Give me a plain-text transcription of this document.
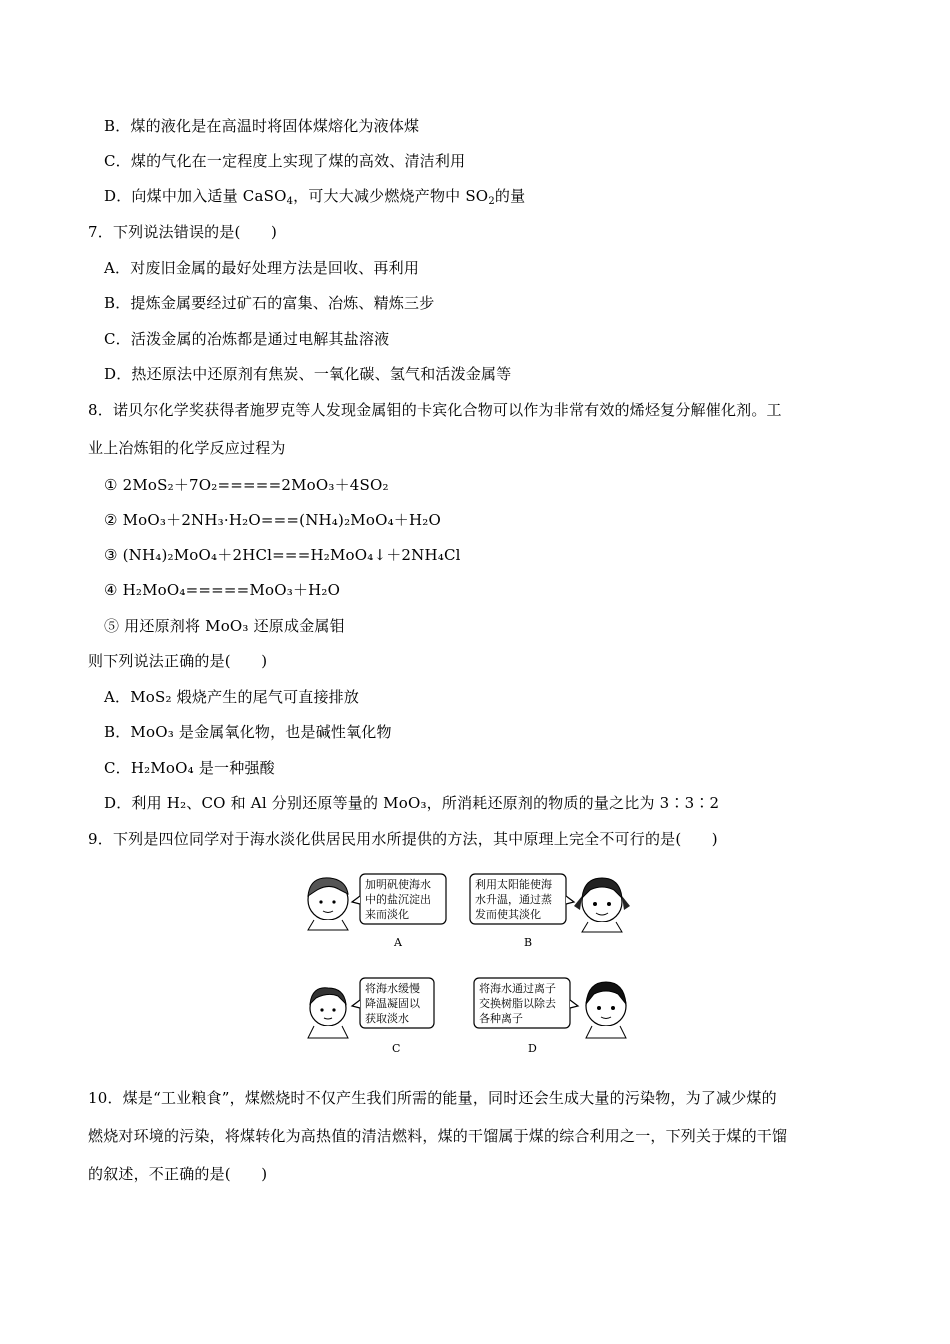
B．煤的液化是在高温时将固体煤熔化为液体煤
C．煤的气化在一定程度上实现了煤的高效、清洁利用
D．向煤中加入适量 CaSO$_4$，可大大减少燃烧产物中 $SO_2$的量
7．下列说法错误的是(　　)
A．对废旧金属的最好处理方法是回收、再利用
B．提炼金属要经过矿石的富集、冶炼、精炼三步
C．活泼金属的冶炼都是通过电解其盐溶液
D．热还原法中还原剂有焦炭、一氧化碳、氢气和活泼金属等
8．诺贝尔化学奖获得者施罗克等人发现金属钼的卡宾化合物可以作为非常有效的烯烃复分解催化剂。工
业上冶炼钼的化学反应过程为
① 2MoS₂＋7O₂=====2MoO₃＋4SO₂
② MoO₃＋2NH₃·H₂O===(NH₄)₂MoO₄＋H₂O
③ (NH₄)₂MoO₄＋2HCl===H₂MoO₄↓＋2NH₄Cl
④ H₂MoO₄=====MoO₃＋H₂O
⑤ 用还原剂将 MoO₃ 还原成金属钼
则下列说法正确的是(　　)
A．MoS₂ 煅烧产生的尾气可直接排放
B．MoO₃ 是金属氧化物，也是碱性氧化物
C．H₂MoO₄ 是一种强酸
D．利用 H₂、CO 和 Al 分别还原等量的 MoO₃，所消耗还原剂的物质的量之比为 3∶3∶2
9．下列是四位同学对于海水淡化供居民用水所提供的方法，其中原理上完全不可行的是(　　)
加明矾使海水
中的盐沉淀出
来而淡化
A
利用太阳能使海
水升温，通过蒸
发而使其淡化
B
将海水缓慢
降温凝固以
获取淡水
C
将海水通过离子
交换树脂以除去
各种离子
D
10．煤是“工业粮食”，煤燃烧时不仅产生我们所需的能量，同时还会生成大量的污染物，为了减少煤的
燃烧对环境的污染，将煤转化为高热值的清洁燃料，煤的干馏属于煤的综合利用之一，下列关于煤的干馏
的叙述，不正确的是(　　)
